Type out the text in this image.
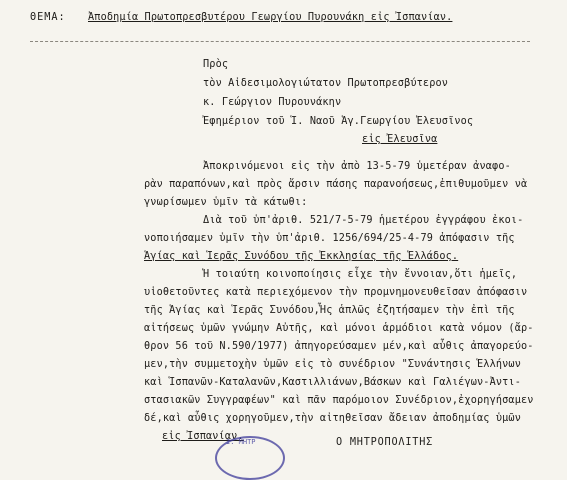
ΘΕΜΑ: Ἀποδημία Πρωτοπρεσβυτέρου Γεωργίου Πυρουνάκη εἰς Ἰσπανίαν.
Πρὸς
τὸν Αἰδεσιμολογιώτατον Πρωτοπρεσβύτερον
κ. Γεώργιον Πυρουνάκην
Ἐφημέριον τοῦ Ἱ. Ναοῦ Ἁγ.Γεωργίου Ἐλευσῖνος
εἰς Ἐλευσῖνα
Ἀποκρινόμενοι εἰς τὴν ἀπὸ 13-5-79 ὑμετέραν ἀναφο-
ρὰν παραπόνων,καὶ πρὸς ἄρσιν πάσης παρανοήσεως,ἐπιθυμοῦμεν νὰ
γνωρίσωμεν ὑμῖν τὰ κάτωθι:
Διὰ τοῦ ὑπ'ἀριθ. 521/7-5-79 ἡμετέρου ἐγγράφου ἐκοι-
νοποιήσαμεν ὑμῖν τὴν ὑπ'ἀριθ. 1256/694/25-4-79 ἀπόφασιν τῆς
Ἁγίας καὶ Ἱερᾶς Συνόδου τῆς Ἐκκλησίας τῆς Ἑλλάδος.
Ἡ τοιαύτη κοινοποίησις εἶχε τὴν ἔννοιαν,ὅτι ἡμεῖς,
υἱοθετοῦντες κατὰ περιεχόμενον τὴν προμνημονευθεῖσαν ἀπόφασιν
τῆς Ἁγίας καὶ Ἱερᾶς Συνόδου,Ἧς ἁπλῶς ἐζητήσαμεν τὴν ἐπὶ τῆς
αἰτήσεως ὑμῶν γνώμην Αὐτῆς, καὶ μόνοι ἁρμόδιοι κατὰ νόμον (ἄρ-
θρον 56 τοῦ Ν.590/1977) ἀπηγορεύσαμεν μέν,καὶ αὖθις ἀπαγορεύο-
μεν,τὴν συμμετοχὴν ὑμῶν εἰς τὸ συνέδριον "Συνάντησις Ἑλλήνων
καὶ Ἱσπανῶν-Καταλανῶν,Καστιλλιάνων,Βάσκων καὶ Γαλιέγων-Ἀντι-
στασιακῶν Συγγραφέων" καὶ πᾶν παρόμοιον Συνέδριον,ἐχορηγήσαμεν
δέ,καὶ αὖθις χορηγοῦμεν,τὴν αἰτηθεῖσαν ἄδειαν ἀποδημίας ὑμῶν
εἰς Ἰσπανίαν.
Ι. ΜΗΤΡ	Ο ΜΗΤΡΟΠΟΛΙΤΗΣ
